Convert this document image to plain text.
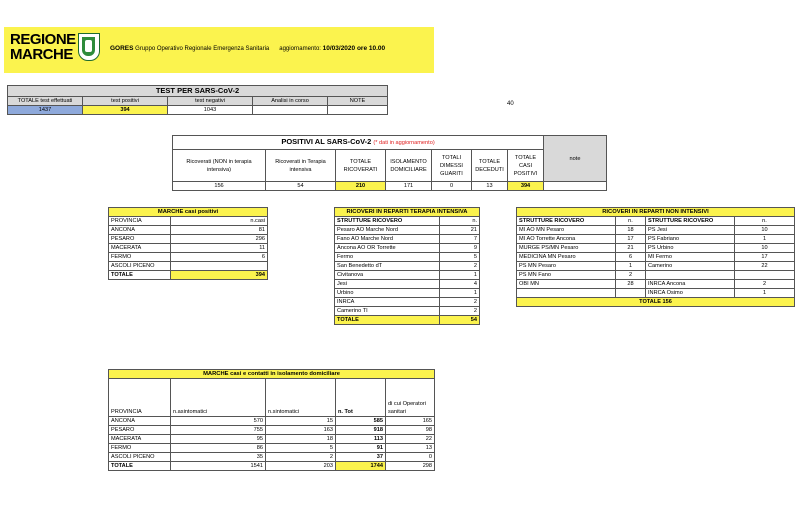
REGIONE
MARCHE	GORES Gruppo Operativo Regionale Emergenza Sanitaria aggiornamento: 10/03/2020 ore 10.00
TEST PER SARS-CoV-2				
TOTALE test effettuati	test positivi	test negativi	Analisi in corso	NOTE
1437	394	1043		
40
POSITIVI AL SARS-CoV-2 (* dati in aggiornamento)							note
Ricoverati (NON in terapia intensiva)	Ricoverati in Terapia intensiva	TOTALE RICOVERATI	ISOLAMENTO DOMICILIARE	TOTALI DIMESSI GUARITI	TOTALE DECEDUTI	TOTALE CASI POSITIVI	
156	54	210	171	0	13	394	
MARCHE casi positivi	
PROVINCIA	n.casi
ANCONA	81
PESARO	296
MACERATA	11
FERMO	6
ASCOLI PICENO	
TOTALE	394
RICOVERI IN REPARTI TERAPIA INTENSIVA	
STRUTTURE RICOVERO	n.
Pesaro AO Marche Nord	21
Fano AO Marche Nord	7
Ancona AO OR Torrette	9
Fermo	5
San Benedetto dT	2
Civitanova	1
Jesi	4
Urbino	1
INRCA	2
Camerino TI	2
TOTALE	54
RICOVERI IN REPARTI NON INTENSIVI			
STRUTTURE RICOVERO	n.	STRUTTURE RICOVERO	n.
MI AO MN Pesaro	18	PS Jesi	10
MI AO Torrette Ancona	17	PS Fabriano	1
MURGE PS/MN Pesaro	21	PS Urbino	10
MEDICINA MN Pesaro	6	MI Fermo	17
PS MN Pesaro	1	Camerino	22
PS MN Fano	2		
OBI MN	28	INRCA Ancona	2
		INRCA Osimo	1
TOTALE 156			
MARCHE casi e contatti in isolamento domiciliare				
PROVINCIA	n.asintomatici	n.sintomatici	n. Tot	di cui Operatori sanitari
ANCONA	570	15	585	165
PESARO	755	163	918	98
MACERATA	95	18	113	22
FERMO	86	5	91	13
ASCOLI PICENO	35	2	37	0
TOTALE	1541	203	1744	298
